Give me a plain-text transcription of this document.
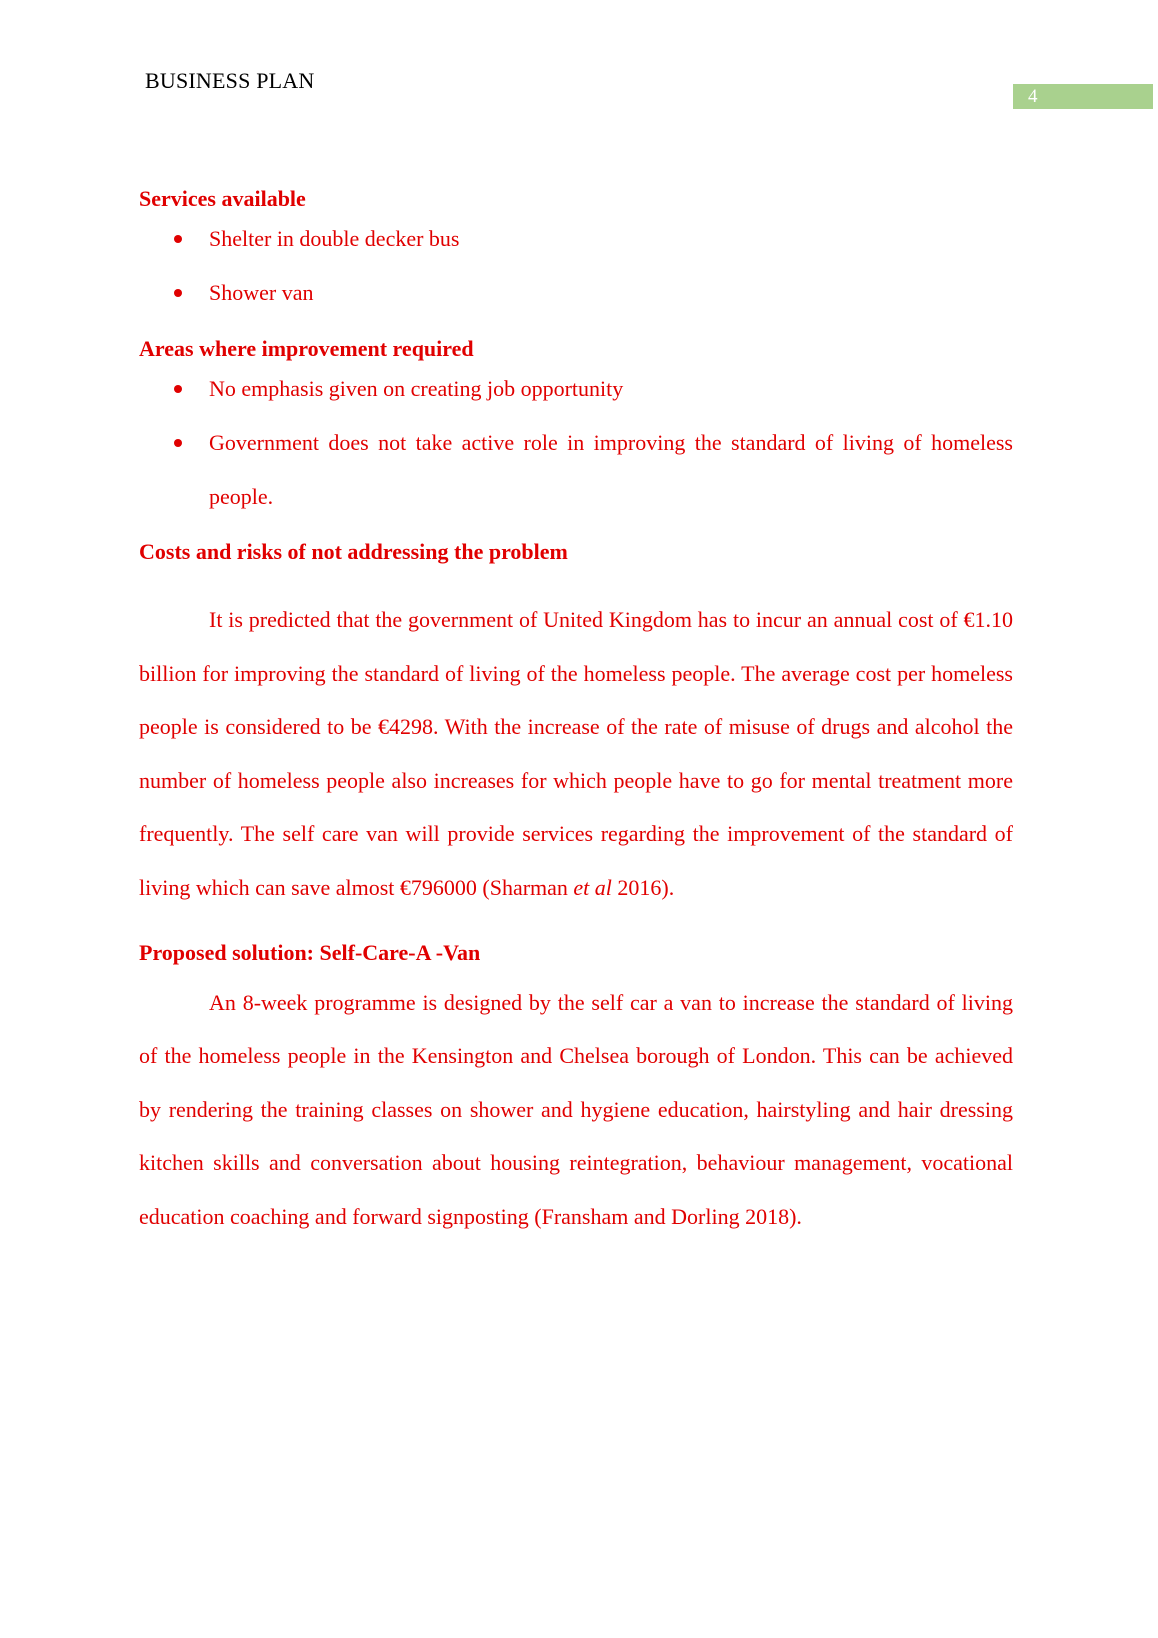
BUSINESS PLAN
4
Services available
Shelter in double decker bus
Shower van
Areas where improvement required
No emphasis given on creating job opportunity
Government does not take active role in improving the standard of living of homeless people.
Costs and risks of not addressing the problem

It is predicted that the government of United Kingdom has to incur an annual cost of €1.10 billion for improving the standard of living of the homeless people. The average cost per homeless people is considered to be €4298. With the increase of the rate of misuse of drugs and alcohol the number of homeless people also increases for which people have to go for mental treatment more frequently. The self care van will provide services regarding the improvement of the standard of living which can save almost €796000 (Sharman et al 2016).

Proposed solution: Self-Care-A -Van

An 8-week programme is designed by the self car a van to increase the standard of living of the homeless people in the Kensington and Chelsea borough of London. This can be achieved by rendering the training classes on shower and hygiene education, hairstyling and hair dressing kitchen skills and conversation about housing reintegration, behaviour management, vocational education coaching and forward signposting (Fransham and Dorling 2018).
